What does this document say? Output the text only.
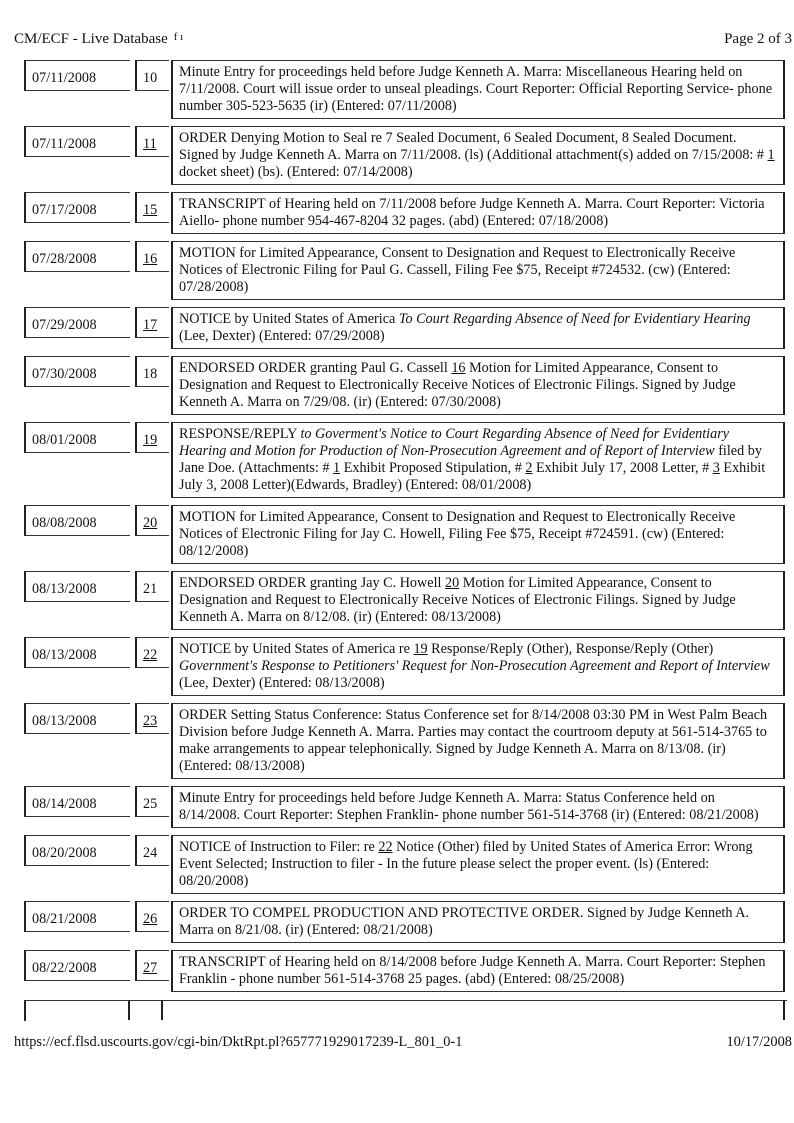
CM/ECF - Live Database $^{f ı}$	Page 2 of 3
07/11/2008	10	Minute Entry for proceedings held before Judge Kenneth A. Marra: Miscellaneous Hearing held on 7/11/2008. Court will issue order to unseal pleadings. Court Reporter: Official Reporting Service- phone number 305-523-5635 (ir) (Entered: 07/11/2008)
07/11/2008	11	ORDER Denying Motion to Seal re 7 Sealed Document, 6 Sealed Document, 8 Sealed Document. Signed by Judge Kenneth A. Marra on 7/11/2008. (ls) (Additional attachment(s) added on 7/15/2008: # 1 docket sheet) (bs). (Entered: 07/14/2008)
07/17/2008	15	TRANSCRIPT of Hearing held on 7/11/2008 before Judge Kenneth A. Marra. Court Reporter: Victoria Aiello- phone number 954-467-8204 32 pages. (abd) (Entered: 07/18/2008)
07/28/2008	16	MOTION for Limited Appearance, Consent to Designation and Request to Electronically Receive Notices of Electronic Filing for Paul G. Cassell, Filing Fee $75, Receipt #724532. (cw) (Entered: 07/28/2008)
07/29/2008	17	NOTICE by United States of America To Court Regarding Absence of Need for Evidentiary Hearing (Lee, Dexter) (Entered: 07/29/2008)
07/30/2008	18	ENDORSED ORDER granting Paul G. Cassell 16 Motion for Limited Appearance, Consent to Designation and Request to Electronically Receive Notices of Electronic Filings. Signed by Judge Kenneth A. Marra on 7/29/08. (ir) (Entered: 07/30/2008)
08/01/2008	19	RESPONSE/REPLY to Goverment's Notice to Court Regarding Absence of Need for Evidentiary Hearing and Motion for Production of Non-Prosecution Agreement and of Report of Interview filed by Jane Doe. (Attachments: # 1 Exhibit Proposed Stipulation, # 2 Exhibit July 17, 2008 Letter, # 3 Exhibit July 3, 2008 Letter)(Edwards, Bradley) (Entered: 08/01/2008)
08/08/2008	20	MOTION for Limited Appearance, Consent to Designation and Request to Electronically Receive Notices of Electronic Filing for Jay C. Howell, Filing Fee $75, Receipt #724591. (cw) (Entered: 08/12/2008)
08/13/2008	21	ENDORSED ORDER granting Jay C. Howell 20 Motion for Limited Appearance, Consent to Designation and Request to Electronically Receive Notices of Electronic Filings. Signed by Judge Kenneth A. Marra on 8/12/08. (ir) (Entered: 08/13/2008)
08/13/2008	22	NOTICE by United States of America re 19 Response/Reply (Other), Response/Reply (Other) Government's Response to Petitioners' Request for Non-Prosecution Agreement and Report of Interview (Lee, Dexter) (Entered: 08/13/2008)
08/13/2008	23	ORDER Setting Status Conference: Status Conference set for 8/14/2008 03:30 PM in West Palm Beach Division before Judge Kenneth A. Marra. Parties may contact the courtroom deputy at 561-514-3765 to make arrangements to appear telephonically. Signed by Judge Kenneth A. Marra on 8/13/08. (ir) (Entered: 08/13/2008)
08/14/2008	25	Minute Entry for proceedings held before Judge Kenneth A. Marra: Status Conference held on 8/14/2008. Court Reporter: Stephen Franklin- phone number 561-514-3768 (ir) (Entered: 08/21/2008)
08/20/2008	24	NOTICE of Instruction to Filer: re 22 Notice (Other) filed by United States of America Error: Wrong Event Selected; Instruction to filer - In the future please select the proper event. (ls) (Entered: 08/20/2008)
08/21/2008	26	ORDER TO COMPEL PRODUCTION AND PROTECTIVE ORDER. Signed by Judge Kenneth A. Marra on 8/21/08. (ir) (Entered: 08/21/2008)
08/22/2008	27	TRANSCRIPT of Hearing held on 8/14/2008 before Judge Kenneth A. Marra. Court Reporter: Stephen Franklin - phone number 561-514-3768 25 pages. (abd) (Entered: 08/25/2008)
https://ecf.flsd.uscourts.gov/cgi-bin/DktRpt.pl?657771929017239-L_801_0-1	10/17/2008
